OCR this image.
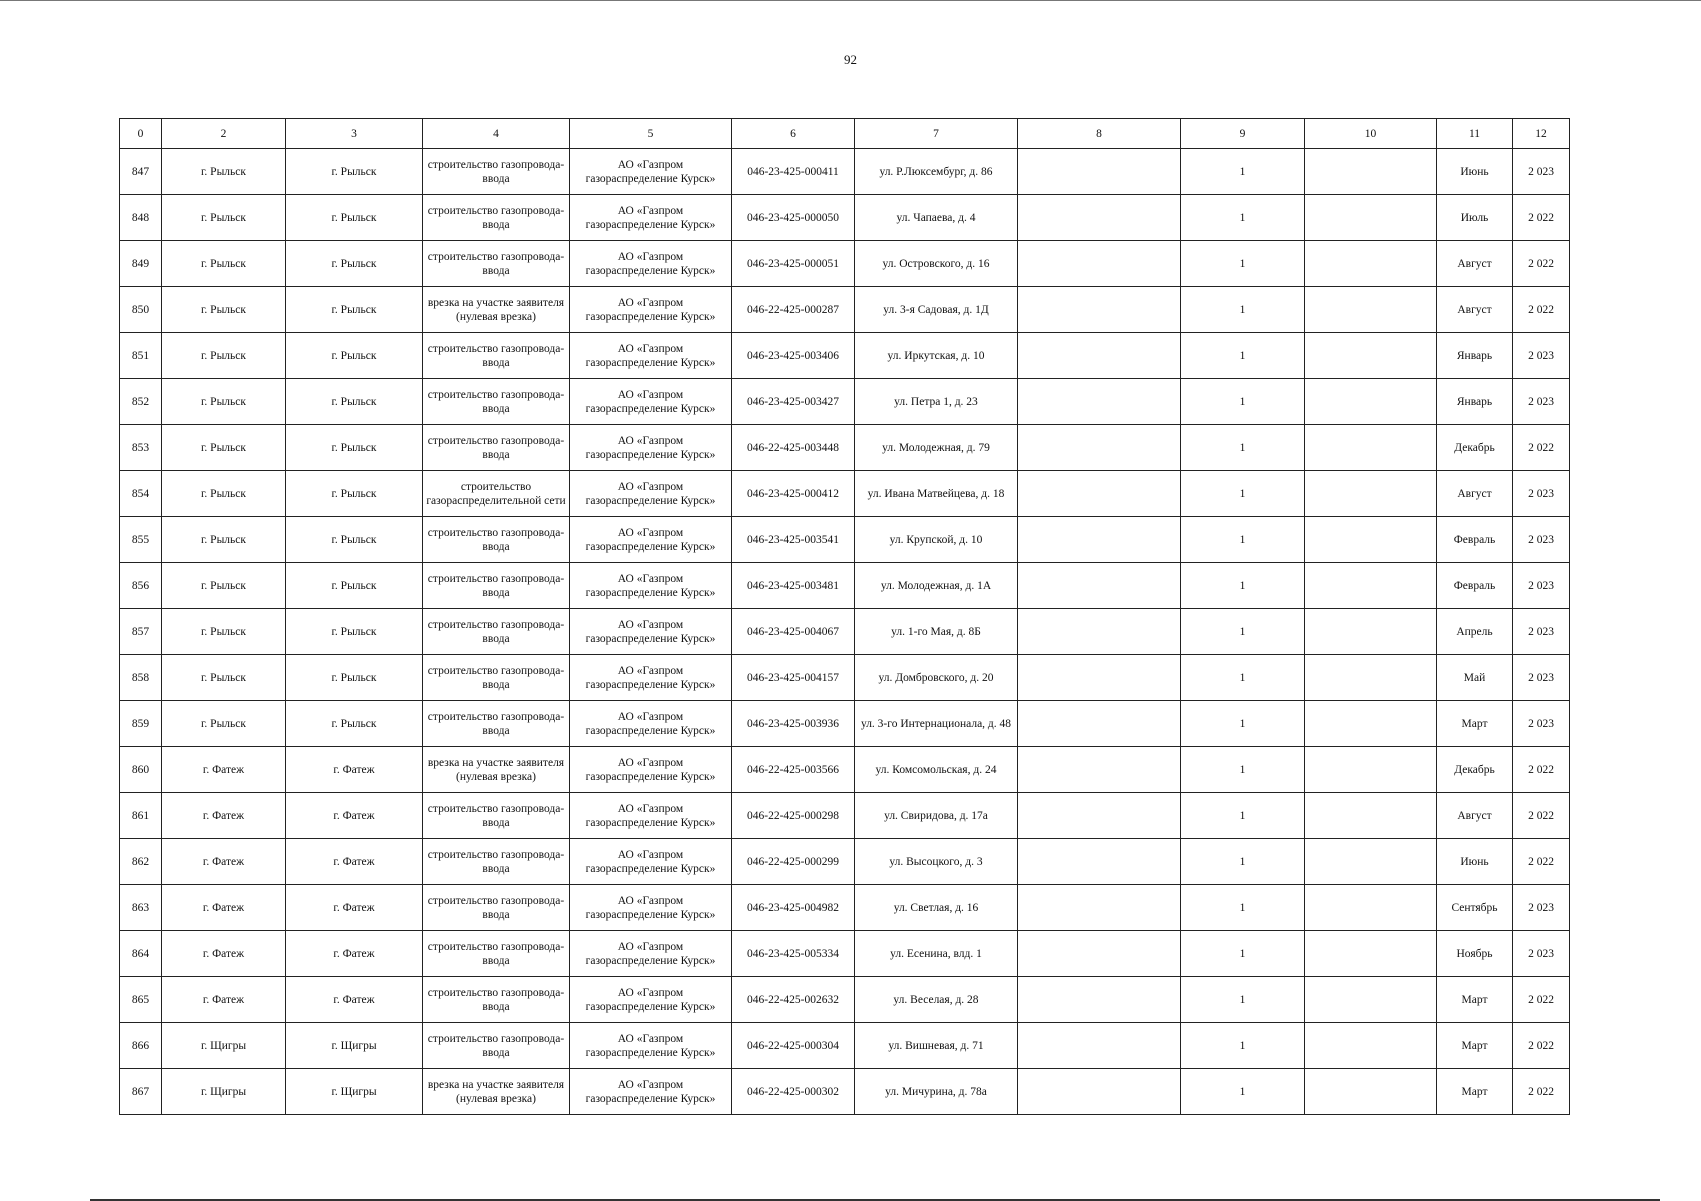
92
0	2	3	4	5	6	7	8	9	10	11	12
847	г. Рыльск	г. Рыльск	строительство газопровода-ввода	АО «Газпром газораспределение Курск»	046-23-425-000411	ул. Р.Люксембург, д. 86		1		Июнь	2 023
848	г. Рыльск	г. Рыльск	строительство газопровода-ввода	АО «Газпром газораспределение Курск»	046-23-425-000050	ул. Чапаева, д. 4		1		Июль	2 022
849	г. Рыльск	г. Рыльск	строительство газопровода-ввода	АО «Газпром газораспределение Курск»	046-23-425-000051	ул. Островского, д. 16		1		Август	2 022
850	г. Рыльск	г. Рыльск	врезка на участке заявителя (нулевая врезка)	АО «Газпром газораспределение Курск»	046-22-425-000287	ул. 3-я Садовая, д. 1Д		1		Август	2 022
851	г. Рыльск	г. Рыльск	строительство газопровода-ввода	АО «Газпром газораспределение Курск»	046-23-425-003406	ул. Иркутская, д. 10		1		Январь	2 023
852	г. Рыльск	г. Рыльск	строительство газопровода-ввода	АО «Газпром газораспределение Курск»	046-23-425-003427	ул. Петра 1, д. 23		1		Январь	2 023
853	г. Рыльск	г. Рыльск	строительство газопровода-ввода	АО «Газпром газораспределение Курск»	046-22-425-003448	ул. Молодежная, д. 79		1		Декабрь	2 022
854	г. Рыльск	г. Рыльск	строительство газораспределительной сети	АО «Газпром газораспределение Курск»	046-23-425-000412	ул. Ивана Матвейцева, д. 18		1		Август	2 023
855	г. Рыльск	г. Рыльск	строительство газопровода-ввода	АО «Газпром газораспределение Курск»	046-23-425-003541	ул. Крупской, д. 10		1		Февраль	2 023
856	г. Рыльск	г. Рыльск	строительство газопровода-ввода	АО «Газпром газораспределение Курск»	046-23-425-003481	ул. Молодежная, д. 1А		1		Февраль	2 023
857	г. Рыльск	г. Рыльск	строительство газопровода-ввода	АО «Газпром газораспределение Курск»	046-23-425-004067	ул. 1-го Мая, д. 8Б		1		Апрель	2 023
858	г. Рыльск	г. Рыльск	строительство газопровода-ввода	АО «Газпром газораспределение Курск»	046-23-425-004157	ул. Домбровского, д. 20		1		Май	2 023
859	г. Рыльск	г. Рыльск	строительство газопровода-ввода	АО «Газпром газораспределение Курск»	046-23-425-003936	ул. 3-го Интернационала, д. 48		1		Март	2 023
860	г. Фатеж	г. Фатеж	врезка на участке заявителя (нулевая врезка)	АО «Газпром газораспределение Курск»	046-22-425-003566	ул. Комсомольская, д. 24		1		Декабрь	2 022
861	г. Фатеж	г. Фатеж	строительство газопровода-ввода	АО «Газпром газораспределение Курск»	046-22-425-000298	ул. Свиридова, д. 17а		1		Август	2 022
862	г. Фатеж	г. Фатеж	строительство газопровода-ввода	АО «Газпром газораспределение Курск»	046-22-425-000299	ул. Высоцкого, д. 3		1		Июнь	2 022
863	г. Фатеж	г. Фатеж	строительство газопровода-ввода	АО «Газпром газораспределение Курск»	046-23-425-004982	ул. Светлая, д. 16		1		Сентябрь	2 023
864	г. Фатеж	г. Фатеж	строительство газопровода-ввода	АО «Газпром газораспределение Курск»	046-23-425-005334	ул. Есенина, влд. 1		1		Ноябрь	2 023
865	г. Фатеж	г. Фатеж	строительство газопровода-ввода	АО «Газпром газораспределение Курск»	046-22-425-002632	ул. Веселая, д. 28		1		Март	2 022
866	г. Щигры	г. Щигры	строительство газопровода-ввода	АО «Газпром газораспределение Курск»	046-22-425-000304	ул. Вишневая, д. 71		1		Март	2 022
867	г. Щигры	г. Щигры	врезка на участке заявителя (нулевая врезка)	АО «Газпром газораспределение Курск»	046-22-425-000302	ул. Мичурина, д. 78а		1		Март	2 022
